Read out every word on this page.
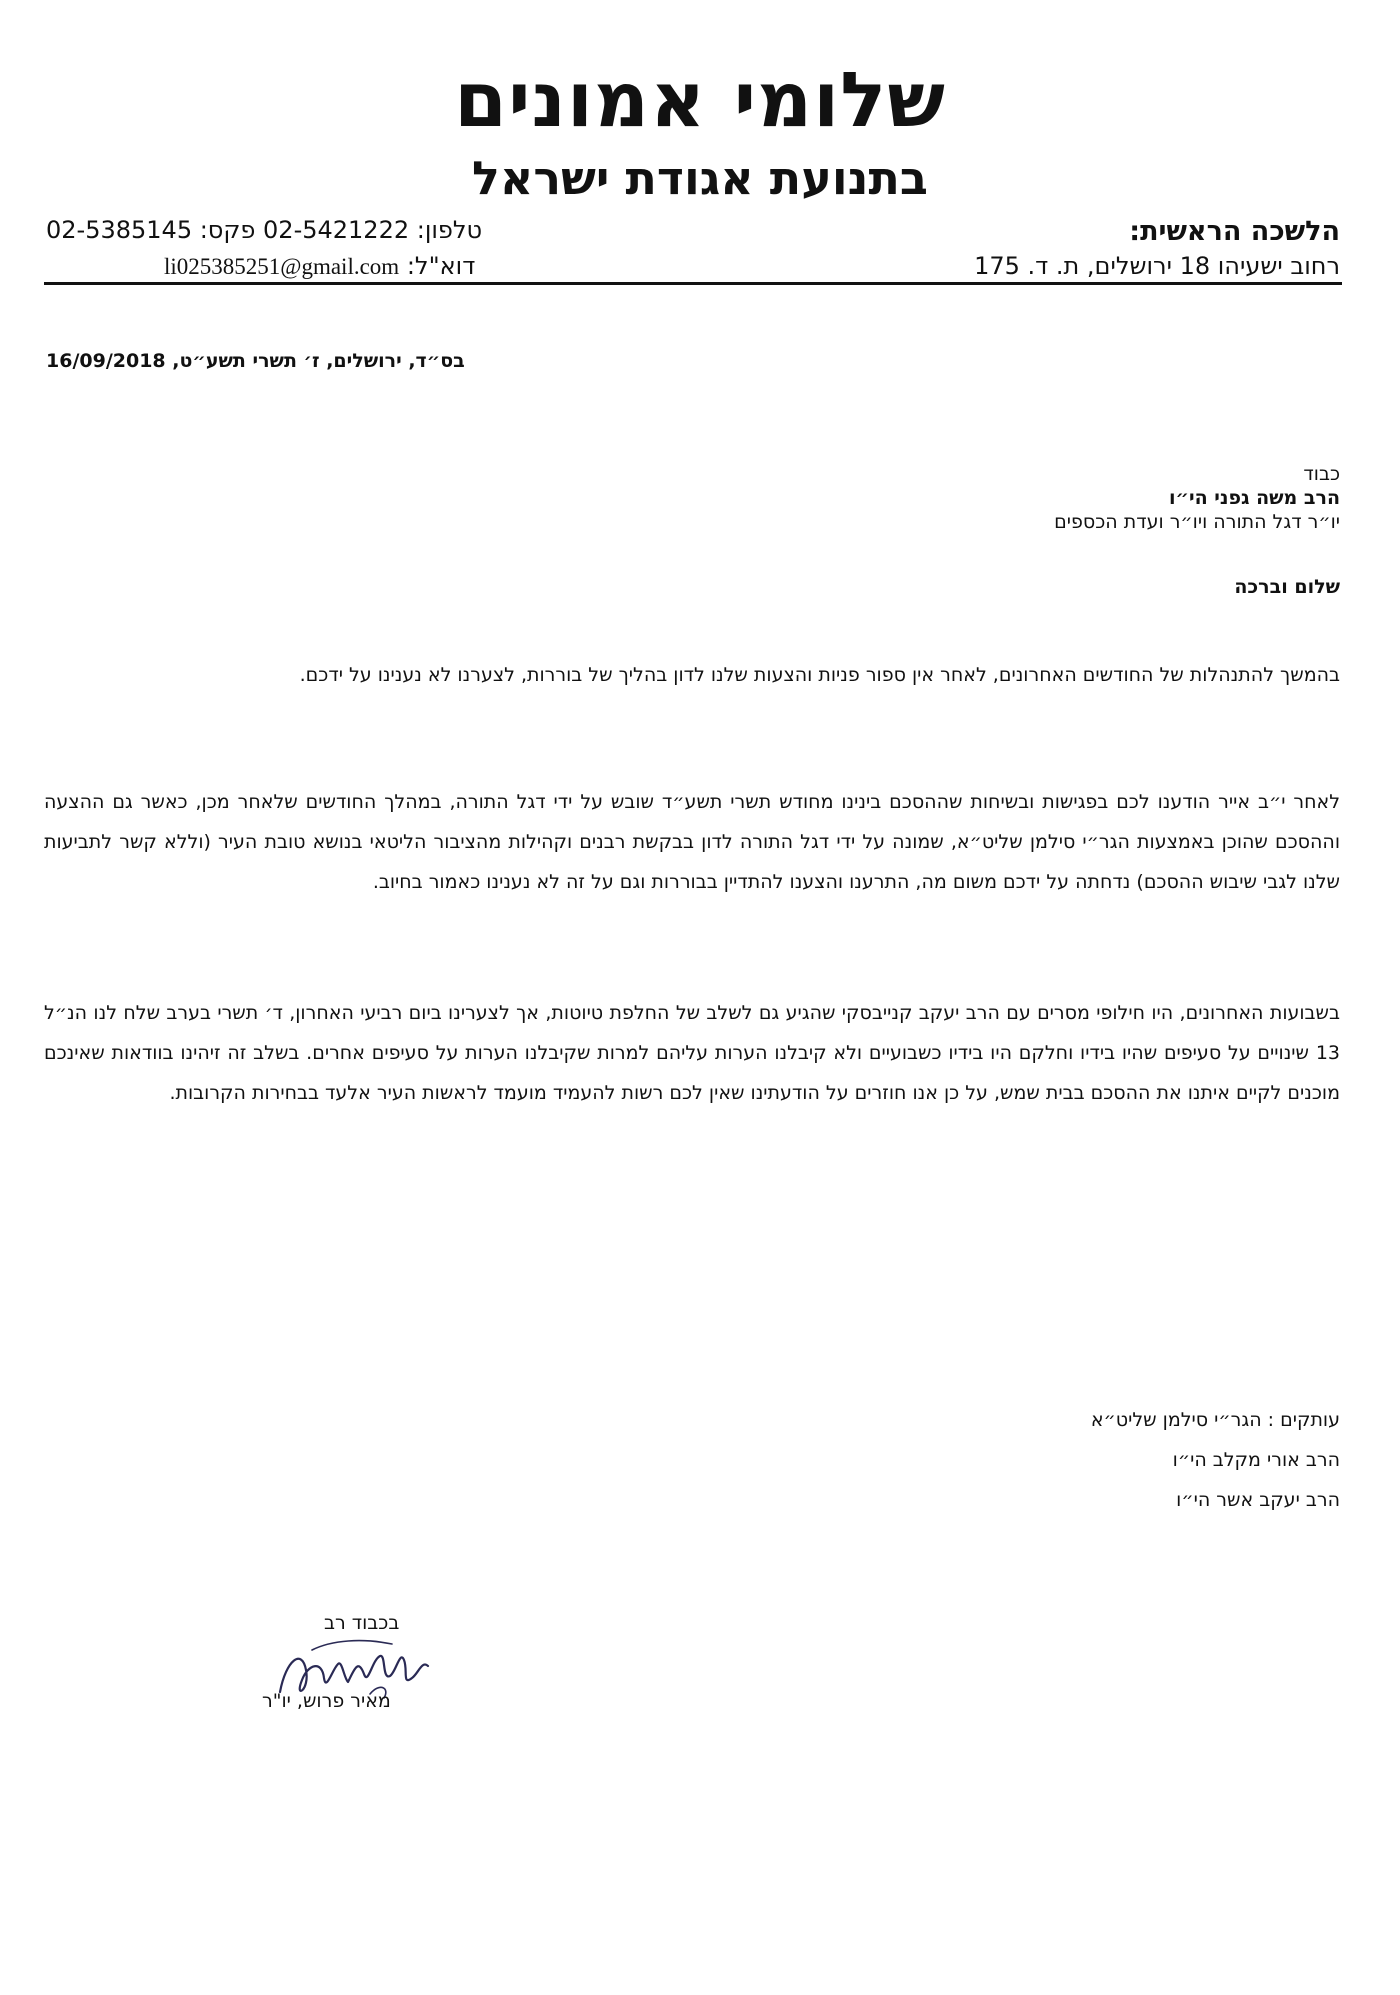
שלומי אמונים
בתנועת אגודת ישראל
הלשכה הראשית:
רחוב ישעיהו 18 ירושלים, ת. ד. 175
טלפון: 02-5421222 פקס: 02-5385145
דוא"ל: li025385251@gmail.com
בס״ד, ירושלים, ז׳ תשרי תשע״ט, 16/09/2018
כבוד
הרב משה גפני הי״ו
יו״ר דגל התורה ויו״ר ועדת הכספים
שלום וברכה

בהמשך להתנהלות של החודשים האחרונים, לאחר אין ספור פניות והצעות שלנו לדון בהליך של בוררות, לצערנו לא נענינו על ידכם.

לאחר י״ב אייר הודענו לכם בפגישות ובשיחות שההסכם בינינו מחודש תשרי תשע״ד שובש על ידי דגל התורה, במהלך החודשים שלאחר מכן, כאשר גם ההצעה וההסכם שהוכן באמצעות הגר״י סילמן שליט״א, שמונה על ידי דגל התורה לדון בבקשת רבנים וקהילות מהציבור הליטאי בנושא טובת העיר (וללא קשר לתביעות שלנו לגבי שיבוש ההסכם) נדחתה על ידכם משום מה, התרענו והצענו להתדיין בבוררות וגם על זה לא נענינו כאמור בחיוב.

בשבועות האחרונים, היו חילופי מסרים עם הרב יעקב קנייבסקי שהגיע גם לשלב של החלפת טיוטות, אך לצערינו ביום רביעי האחרון, ד׳ תשרי בערב שלח לנו הנ״ל 13 שינויים על סעיפים שהיו בידיו וחלקם היו בידיו כשבועיים ולא קיבלנו הערות עליהם למרות שקיבלנו הערות על סעיפים אחרים. בשלב זה זיהינו בוודאות שאינכם מוכנים לקיים איתנו את ההסכם בבית שמש, על כן אנו חוזרים על הודעתינו שאין לכם רשות להעמיד מועמד לראשות העיר אלעד בבחירות הקרובות.

עותקים : הגר״י סילמן שליט״א
הרב אורי מקלב הי״ו
הרב יעקב אשר הי״ו
בכבוד רב
מאיר פרוש, יו"ר
